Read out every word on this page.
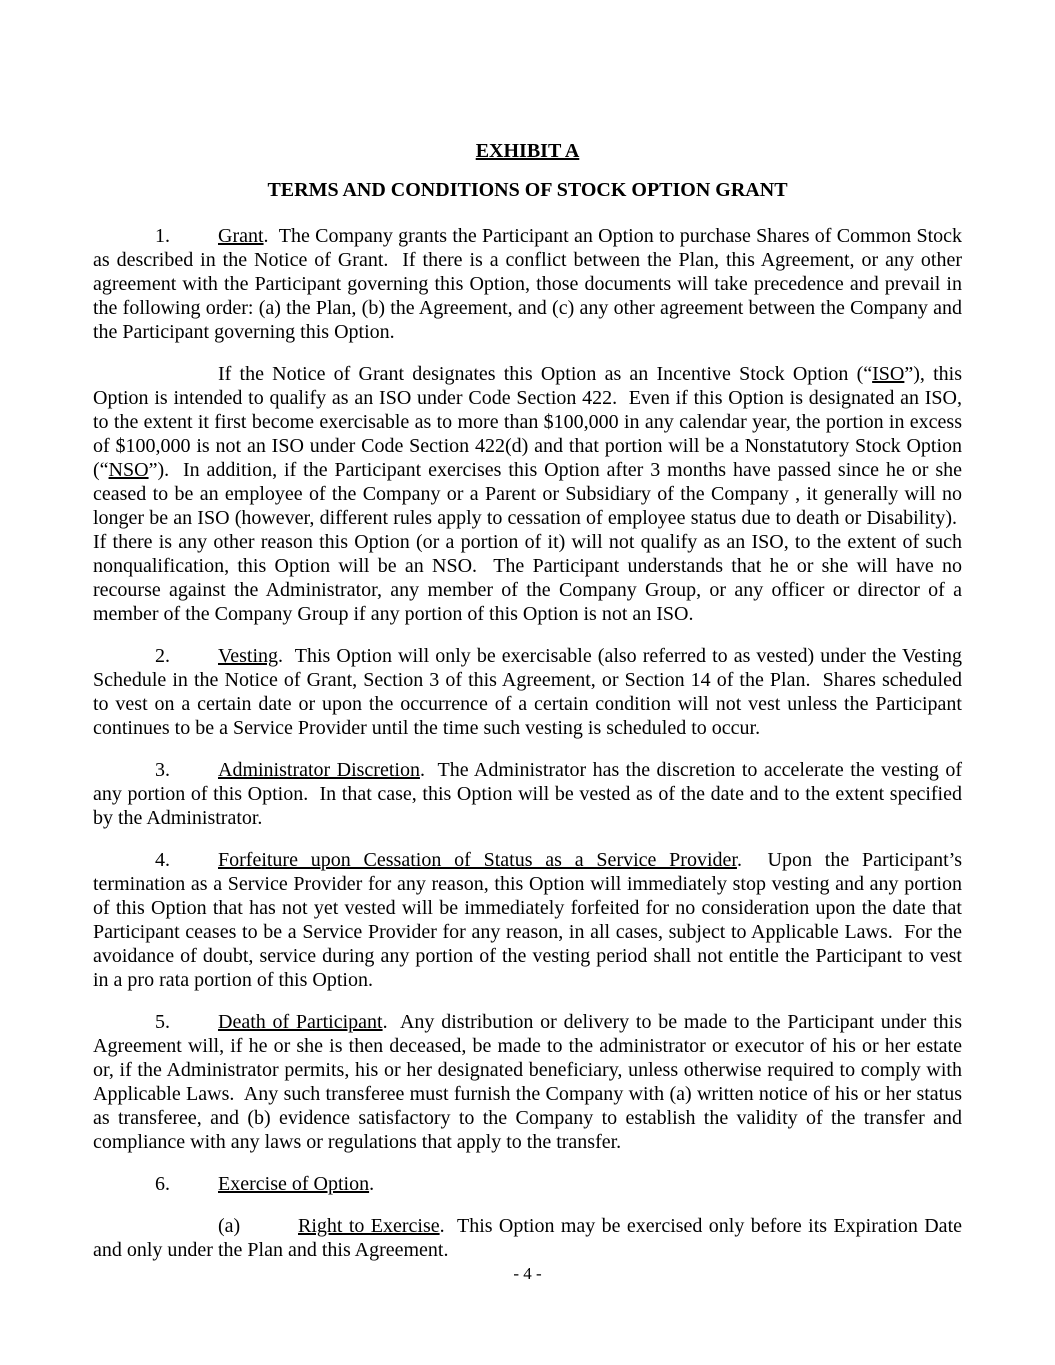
EXHIBIT A
TERMS AND CONDITIONS OF STOCK OPTION GRANT

1. Grant.  The Company grants the Participant an Option to purchase Shares of Common Stock as described in the Notice of Grant.  If there is a conflict between the Plan, this Agreement, or any other agreement with the Participant governing this Option, those documents will take precedence and prevail in the following order: (a) the Plan, (b) the Agreement, and (c) any other agreement between the Company and the Participant governing this Option.

If the Notice of Grant designates this Option as an Incentive Stock Option (“ISO”), this Option is intended to qualify as an ISO under Code Section 422.  Even if this Option is designated an ISO, to the extent it first become exercisable as to more than $100,000 in any calendar year, the portion in excess of $100,000 is not an ISO under Code Section 422(d) and that portion will be a Nonstatutory Stock Option (“NSO”).  In addition, if the Participant exercises this Option after 3 months have passed since he or she ceased to be an employee of the Company or a Parent or Subsidiary of the Company , it generally will no longer be an ISO (however, different rules apply to cessation of employee status due to death or Disability).  If there is any other reason this Option (or a portion of it) will not qualify as an ISO, to the extent of such nonqualification, this Option will be an NSO.  The Participant understands that he or she will have no recourse against the Administrator, any member of the Company Group, or any officer or director of a member of the Company Group if any portion of this Option is not an ISO.

2. Vesting.  This Option will only be exercisable (also referred to as vested) under the Vesting Schedule in the Notice of Grant, Section 3 of this Agreement, or Section 14 of the Plan.  Shares scheduled to vest on a certain date or upon the occurrence of a certain condition will not vest unless the Participant continues to be a Service Provider until the time such vesting is scheduled to occur.

3. Administrator Discretion.  The Administrator has the discretion to accelerate the vesting of any portion of this Option.  In that case, this Option will be vested as of the date and to the extent specified by the Administrator.

4. Forfeiture upon Cessation of Status as a Service Provider.  Upon the Participant’s termination as a Service Provider for any reason, this Option will immediately stop vesting and any portion of this Option that has not yet vested will be immediately forfeited for no consideration upon the date that Participant ceases to be a Service Provider for any reason, in all cases, subject to Applicable Laws.  For the avoidance of doubt, service during any portion of the vesting period shall not entitle the Participant to vest in a pro rata portion of this Option.

5. Death of Participant.  Any distribution or delivery to be made to the Participant under this Agreement will, if he or she is then deceased, be made to the administrator or executor of his or her estate or, if the Administrator permits, his or her designated beneficiary, unless otherwise required to comply with Applicable Laws.  Any such transferee must furnish the Company with (a) written notice of his or her status as transferee, and (b) evidence satisfactory to the Company to establish the validity of the transfer and compliance with any laws or regulations that apply to the transfer.

6. Exercise of Option.

(a)	Right to Exercise.  This Option may be exercised only before its Expiration Date and only under the Plan and this Agreement.

- 4 -
